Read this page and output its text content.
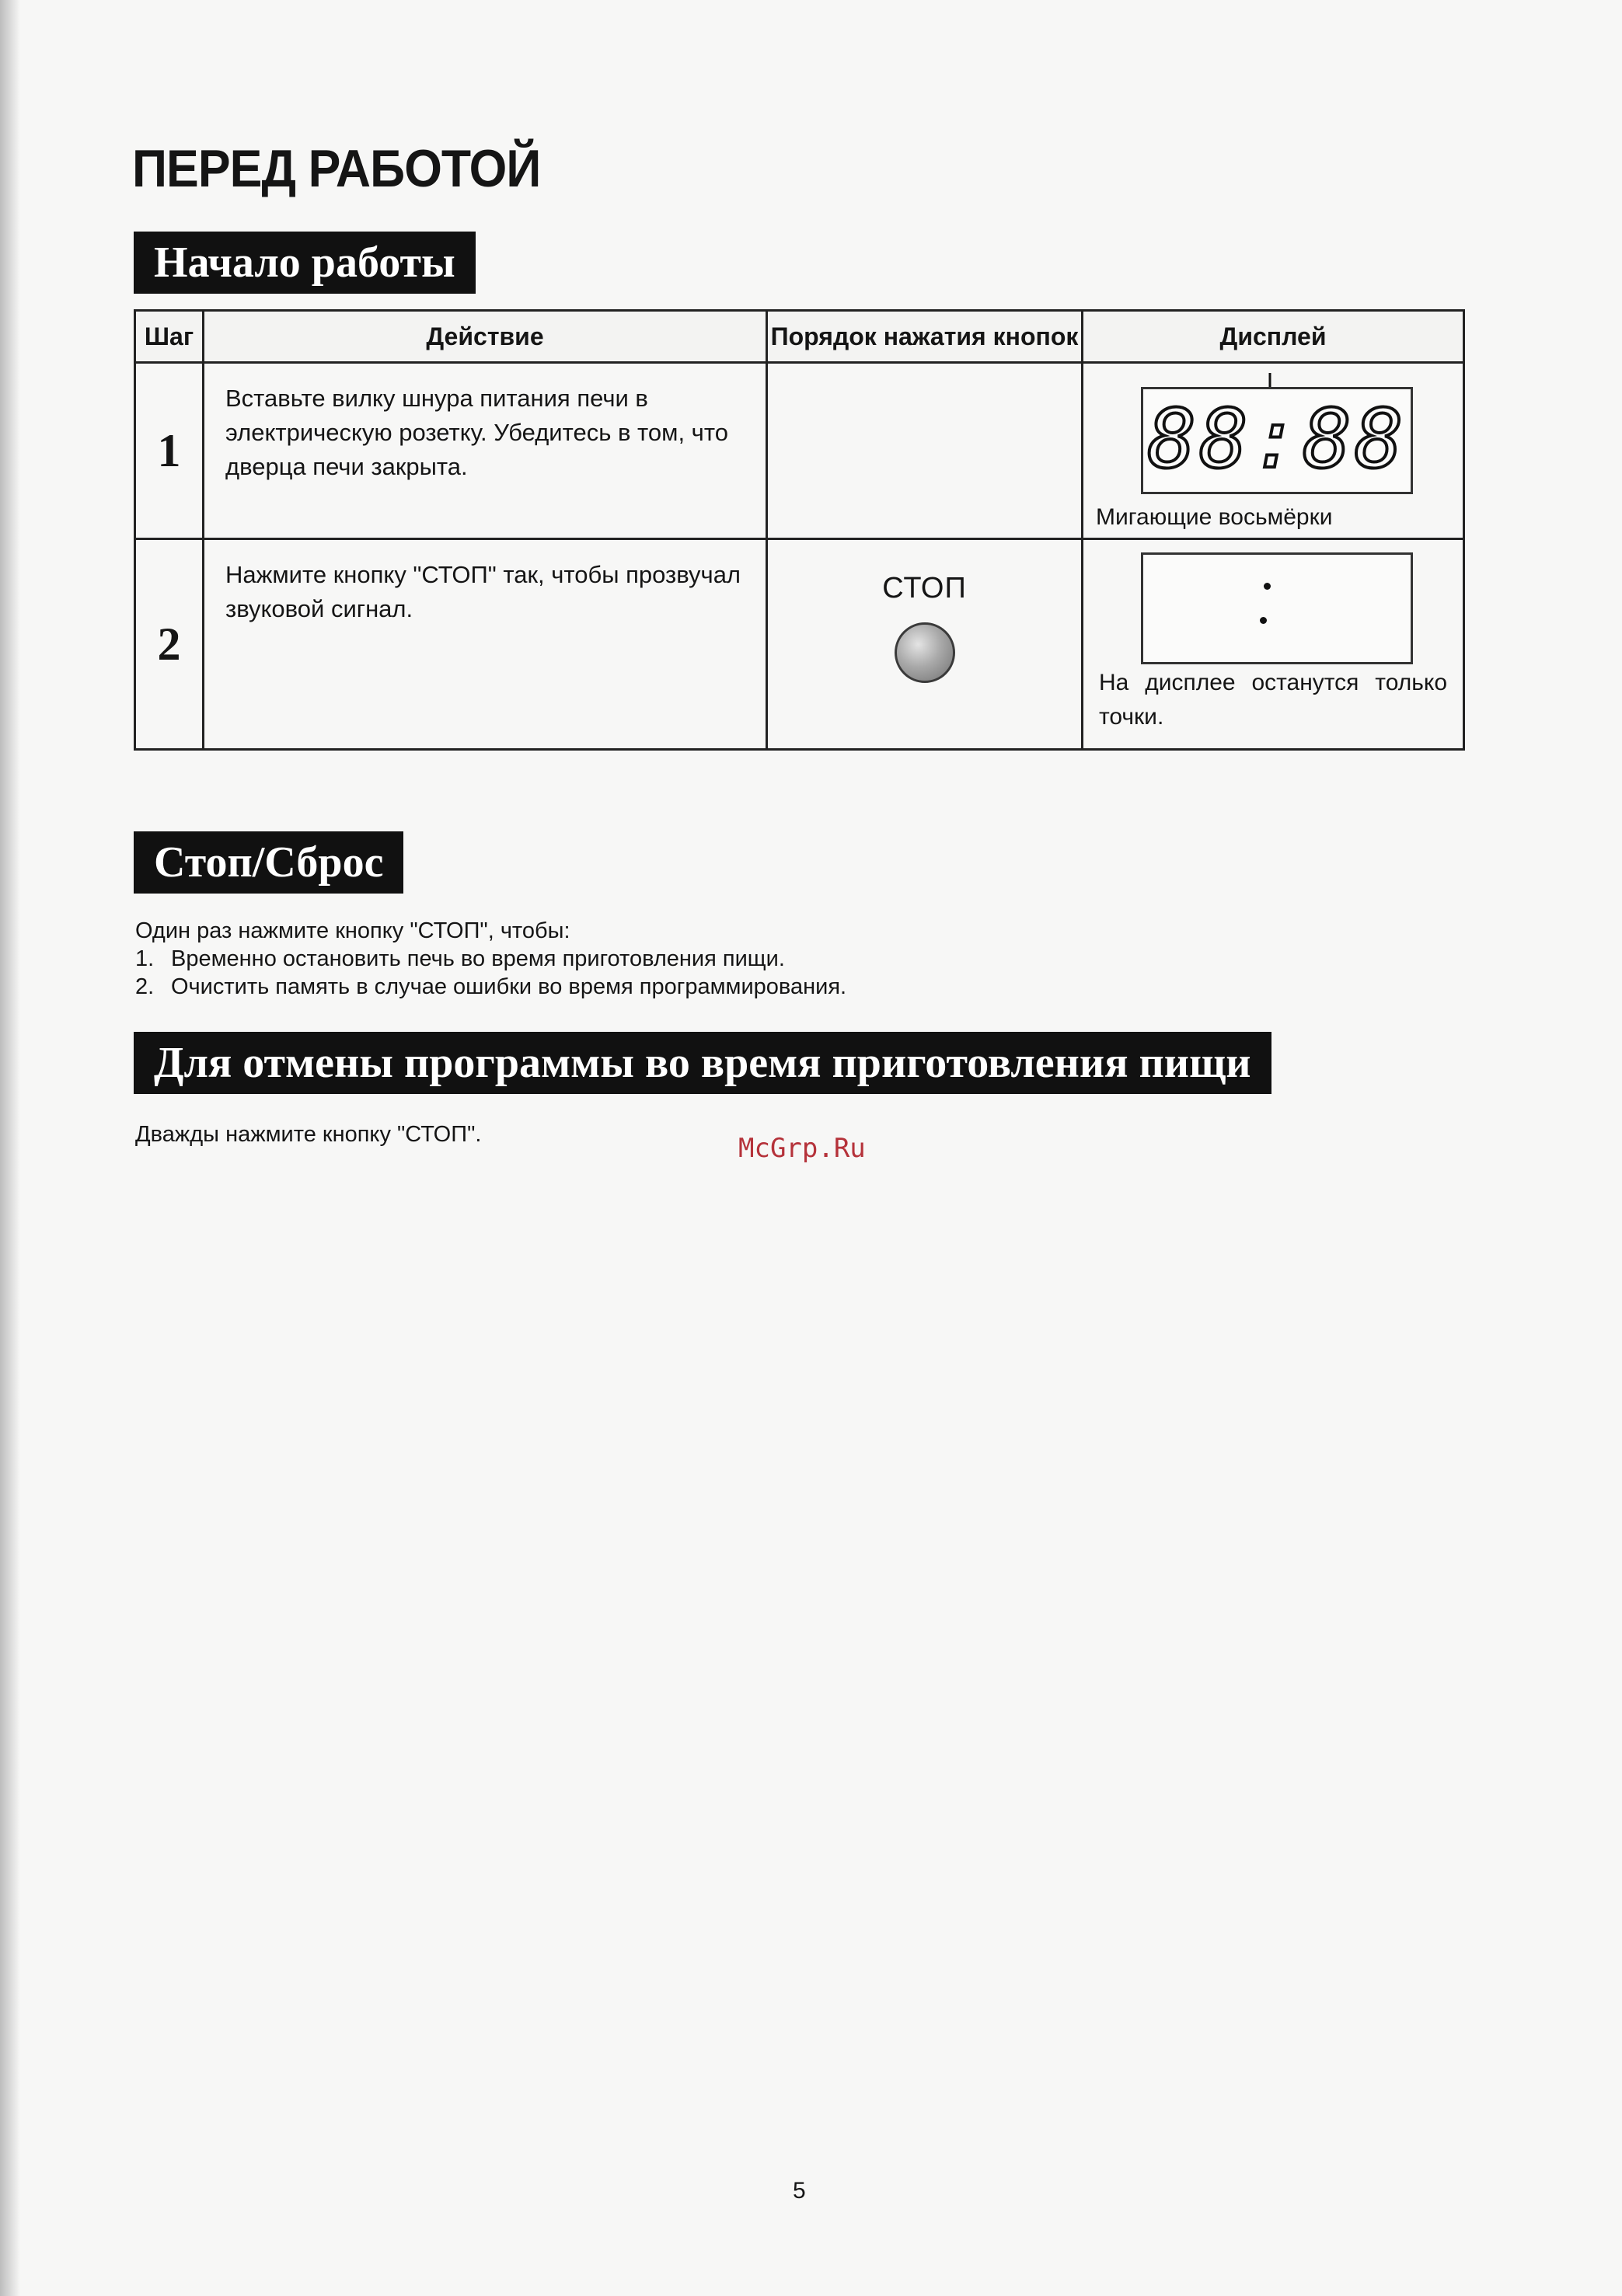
ПЕРЕД РАБОТОЙ
Начало работы
Шаг	Действие	Порядок нажатия кнопок	Дисплей
1	Вставьте вилку шнура питания печи в электрическую розетку. Убедитесь в том, что дверца печи закрыта.		88:88
Мигающие восьмёрки

2	Нажмите кнопку "СТОП" так, чтобы прозвучал звуковой сигнал.	СТОП	На дисплее останутся только точки.
Стоп/Сброс
Один раз нажмите кнопку "СТОП", чтобы:
1. Временно остановить печь во время приготовления пищи.
2. Очистить память в случае ошибки во время программирования.
Для отмены программы во время приготовления пищи
Дважды нажмите кнопку "СТОП".	McGrp.Ru
5
